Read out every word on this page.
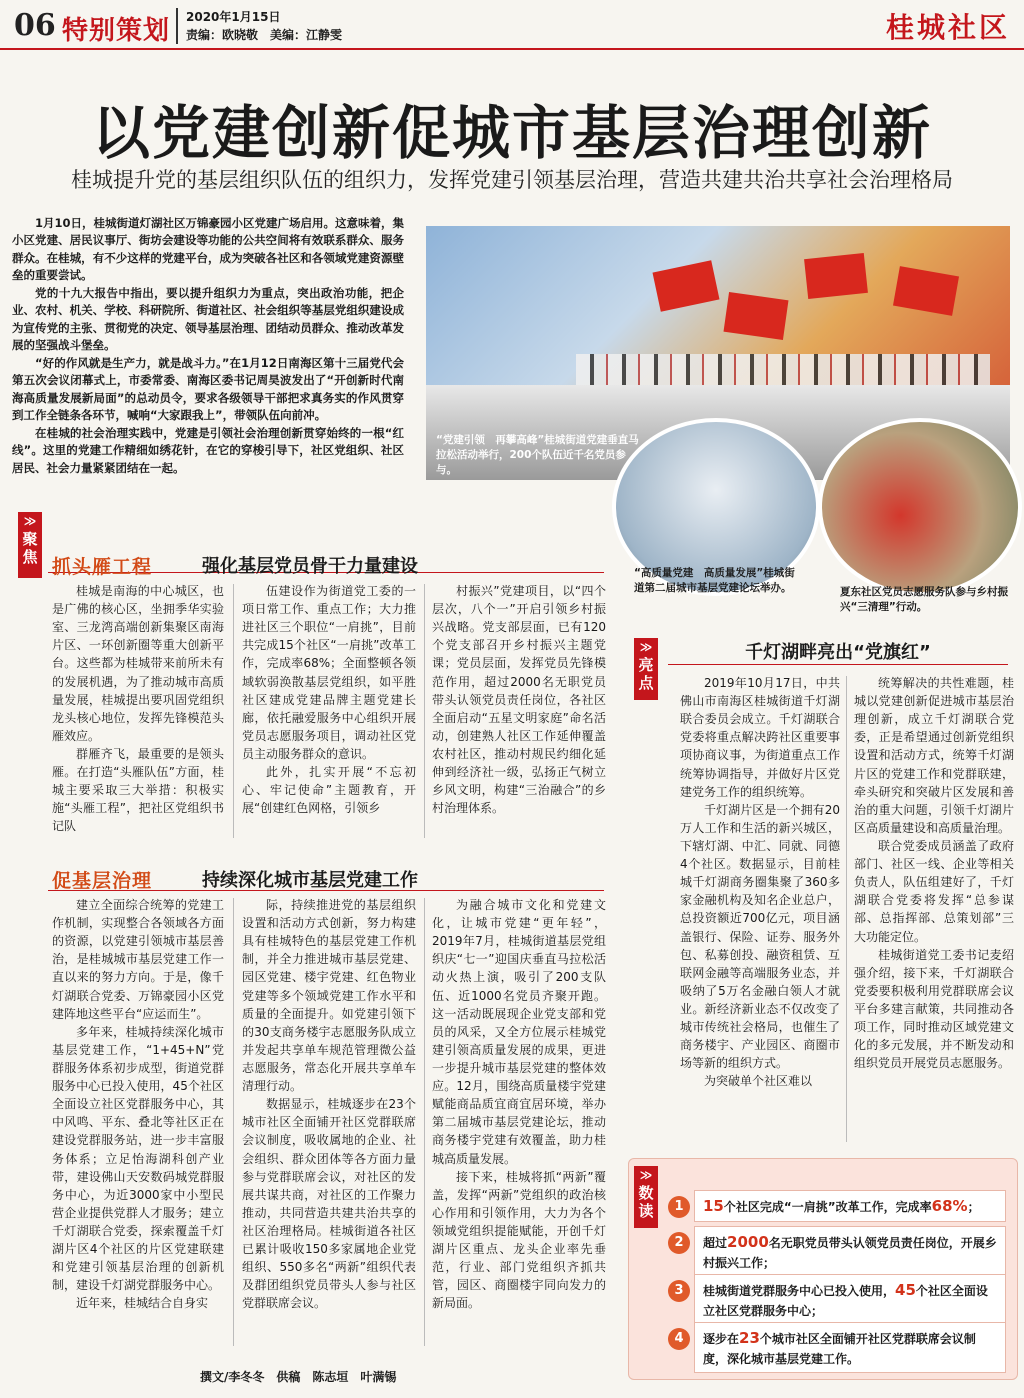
06 特别策划 2020年1月15日
责编：欧晓敬　美编：江静雯	桂城社区
以党建创新促城市基层治理创新
桂城提升党的基层组织队伍的组织力，发挥党建引领基层治理，营造共建共治共享社会治理格局

1月10日，桂城街道灯湖社区万锦豪园小区党建广场启用。这意味着，集小区党建、居民议事厅、街坊会建设等功能的公共空间将有效联系群众、服务群众。在桂城，有不少这样的党建平台，成为突破各社区和各领域党建资源壁垒的重要尝试。

党的十九大报告中指出，要以提升组织力为重点，突出政治功能，把企业、农村、机关、学校、科研院所、街道社区、社会组织等基层党组织建设成为宣传党的主张、贯彻党的决定、领导基层治理、团结动员群众、推动改革发展的坚强战斗堡垒。

“好的作风就是生产力，就是战斗力。”在1月12日南海区第十三届党代会第五次会议闭幕式上，市委常委、南海区委书记周昊波发出了“开创新时代南海高质量发展新局面”的总动员令，要求各级领导干部把求真务实的作风贯穿到工作全链条各环节，喊响“大家跟我上”，带领队伍向前冲。

在桂城的社会治理实践中，党建是引领社会治理创新贯穿始终的一根“红线”。这里的党建工作精细如绣花针，在它的穿梭引导下，社区党组织、社区居民、社会力量紧紧团结在一起。

“党建引领　再攀高峰”桂城街道党建垂直马拉松活动举行，200个队伍近千名党员参与。
“高质量党建　高质量发展”桂城街道第二届城市基层党建论坛举办。	夏东社区党员志愿服务队参与乡村振兴“三清理”行动。
≫
聚焦 抓头雁工程	强化基层党员骨干力量建设

桂城是南海的中心城区，也是广佛的核心区，坐拥季华实验室、三龙湾高端创新集聚区南海片区、一环创新圈等重大创新平台。这些都为桂城带来前所未有的发展机遇，为了推动城市高质量发展，桂城提出要巩固党组织龙头核心地位，发挥先锋模范头雁效应。

群雁齐飞，最重要的是领头雁。在打造“头雁队伍”方面，桂城主要采取三大举措：积极实施“头雁工程”，把社区党组织书记队

伍建设作为街道党工委的一项日常工作、重点工作；大力推进社区三个职位“一肩挑”，目前共完成15个社区“一肩挑”改革工作，完成率68%；全面整顿各领域软弱涣散基层党组织，如平胜社区建成党建品牌主题党建长廊，依托融爱服务中心组织开展党员志愿服务项目，调动社区党员主动服务群众的意识。

此外，扎实开展“不忘初心、牢记使命”主题教育，开展“创建红色网格，引领乡

村振兴”党建项目，以“四个层次，八个一”开启引领乡村振兴战略。党支部层面，已有120个党支部召开乡村振兴主题党课；党员层面，发挥党员先锋模范作用，超过2000名无职党员带头认领党员责任岗位，各社区全面启动“五星文明家庭”命名活动，创建熟人社区工作延伸覆盖农村社区，推动村规民约细化延伸到经济社一级，弘扬正气树立乡风文明，构建“三治融合”的乡村治理体系。

促基层治理	持续深化城市基层党建工作

建立全面综合统筹的党建工作机制，实现整合各领域各方面的资源，以党建引领城市基层善治，是桂城城市基层党建工作一直以来的努力方向。于是，像千灯湖联合党委、万锦豪园小区党建阵地这些平台“应运而生”。

多年来，桂城持续深化城市基层党建工作，“1+45+N”党群服务体系初步成型，街道党群服务中心已投入使用，45个社区全面设立社区党群服务中心，其中风鸣、平东、叠北等社区正在建设党群服务站，进一步丰富服务体系；立足怡海湖科创产业带，建设佛山天安数码城党群服务中心，为近3000家中小型民营企业提供党群人才服务；建立千灯湖联合党委，探索覆盖千灯湖片区4个社区的片区党建联建和党建引领基层治理的创新机制，建设千灯湖党群服务中心。

近年来，桂城结合自身实

际，持续推进党的基层组织设置和活动方式创新，努力构建具有桂城特色的基层党建工作机制，并全力推进城市基层党建、园区党建、楼宇党建、红色物业党建等多个领域党建工作水平和质量的全面提升。如党建引领下的30支商务楼宇志愿服务队成立并发起共享单车规范管理微公益志愿服务，常态化开展共享单车清理行动。

数据显示，桂城逐步在23个城市社区全面铺开社区党群联席会议制度，吸收属地的企业、社会组织、群众团体等各方面力量参与党群联席会议，对社区的发展共谋共商，对社区的工作聚力推动，共同营造共建共治共享的社区治理格局。桂城街道各社区已累计吸收150多家属地企业党组织、550多名“两新”组织代表及群团组织党员带头人参与社区党群联席会议。

为融合城市文化和党建文化，让城市党建“更年轻”，2019年7月，桂城街道基层党组织庆“七一”迎国庆垂直马拉松活动火热上演，吸引了200支队伍、近1000名党员齐聚开跑。这一活动既展现企业党支部和党员的风采，又全方位展示桂城党建引领高质量发展的成果，更进一步提升城市基层党建的整体效应。12月，围绕高质量楼宇党建赋能商品质宜商宜居环境，举办第二届城市基层党建论坛，推动商务楼宇党建有效覆盖，助力桂城高质量发展。

接下来，桂城将抓“两新”覆盖，发挥“两新”党组织的政治核心作用和引领作用，大力为各个领域党组织提能赋能，开创千灯湖片区重点、龙头企业率先垂范，行业、部门党组织齐抓共管，园区、商圈楼宇同向发力的新局面。

≫
亮点
千灯湖畔亮出“党旗红”

2019年10月17日，中共佛山市南海区桂城街道千灯湖联合委员会成立。千灯湖联合党委将重点解决跨社区重要事项协商议事，为街道重点工作统筹协调指导，并做好片区党建党务工作的组织统筹。

千灯湖片区是一个拥有20万人工作和生活的新兴城区，下辖灯湖、中汇、同就、同德4个社区。数据显示，目前桂城千灯湖商务圈集聚了360多家金融机构及知名企业总户，总投资额近700亿元，项目涵盖银行、保险、证券、服务外包、私募创投、融资租赁、互联网金融等高端服务业态，并吸纳了5万名金融白领人才就业。新经济新业态不仅改变了城市传统社会格局，也催生了商务楼宇、产业园区、商圈市场等新的组织方式。

为突破单个社区难以

统筹解决的共性难题，桂城以党建创新促进城市基层治理创新，成立千灯湖联合党委，正是希望通过创新党组织设置和活动方式，统筹千灯湖片区的党建工作和党群联建，牵头研究和突破片区发展和善治的重大问题，引领千灯湖片区高质量建设和高质量治理。

联合党委成员涵盖了政府部门、社区一线、企业等相关负责人，队伍组建好了，千灯湖联合党委将发挥“总参谋部、总指挥部、总策划部”三大功能定位。

桂城街道党工委书记麦绍强介绍，接下来，千灯湖联合党委要积极利用党群联席会议平台多建言献策，共同推动各项工作，同时推动区域党建文化的多元发展，并不断发动和组织党员开展党员志愿服务。

≫
数读	1	15个社区完成“一肩挑”改革工作，完成率68%；
2	超过2000名无职党员带头认领党员责任岗位，开展乡村振兴工作；
3	桂城街道党群服务中心已投入使用，45个社区全面设立社区党群服务中心；
4	逐步在23个城市社区全面铺开社区党群联席会议制度，深化城市基层党建工作。
撰文/李冬冬　供稿　陈志垣　叶满锡
